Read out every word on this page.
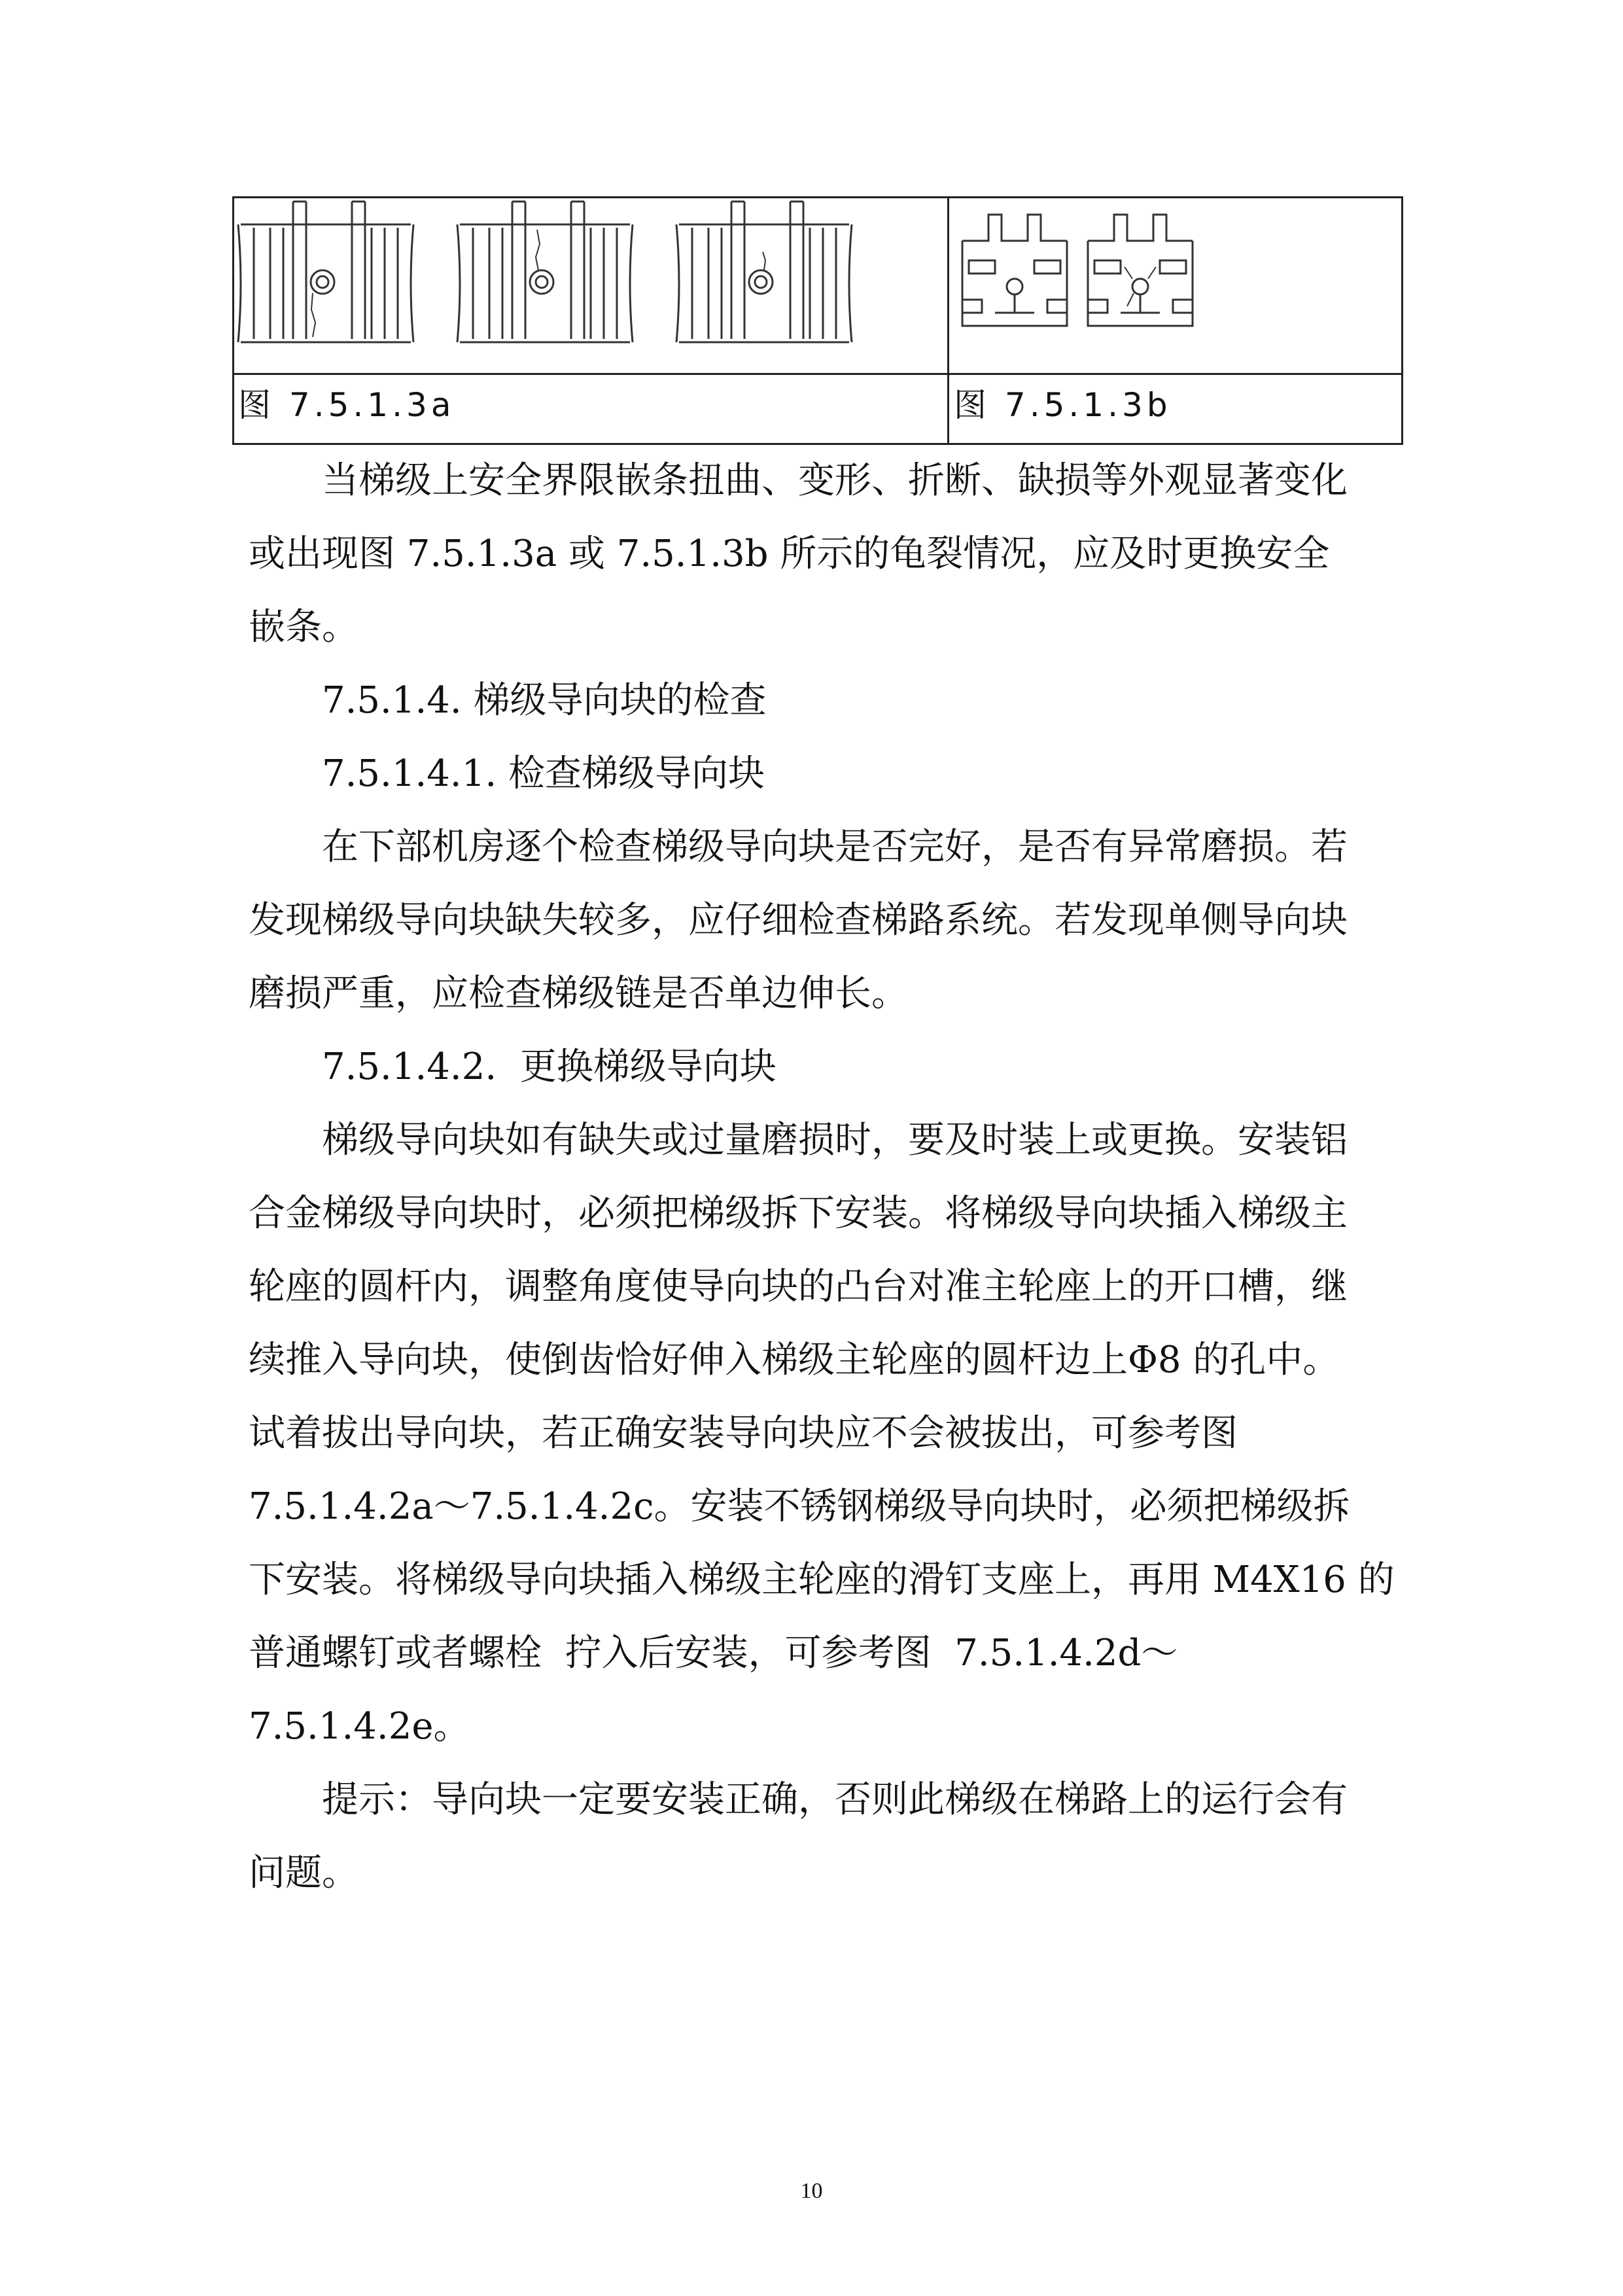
图 7.5.1.3a	图 7.5.1.3b
当梯级上安全界限嵌条扭曲、变形、折断、缺损等外观显著变化
或出现图 7.5.1.3a 或 7.5.1.3b 所示的龟裂情况，应及时更换安全
嵌条。
7.5.1.4. 梯级导向块的检查
7.5.1.4.1. 检查梯级导向块
在下部机房逐个检查梯级导向块是否完好，是否有异常磨损。若
发现梯级导向块缺失较多，应仔细检查梯路系统。若发现单侧导向块
磨损严重，应检查梯级链是否单边伸长。
7.5.1.4.2.  更换梯级导向块
梯级导向块如有缺失或过量磨损时，要及时装上或更换。安装铝
合金梯级导向块时，必须把梯级拆下安装。将梯级导向块插入梯级主
轮座的圆杆内，调整角度使导向块的凸台对准主轮座上的开口槽，继
续推入导向块，使倒齿恰好伸入梯级主轮座的圆杆边上Φ8 的孔中。
试着拔出导向块，若正确安装导向块应不会被拔出，可参考图
7.5.1.4.2a～7.5.1.4.2c。安装不锈钢梯级导向块时，必须把梯级拆
下安装。将梯级导向块插入梯级主轮座的滑钉支座上，再用 M4X16 的
普通螺钉或者螺栓  拧入后安装，可参考图  7.5.1.4.2d～
7.5.1.4.2e。
提示：导向块一定要安装正确，否则此梯级在梯路上的运行会有
问题。
10
